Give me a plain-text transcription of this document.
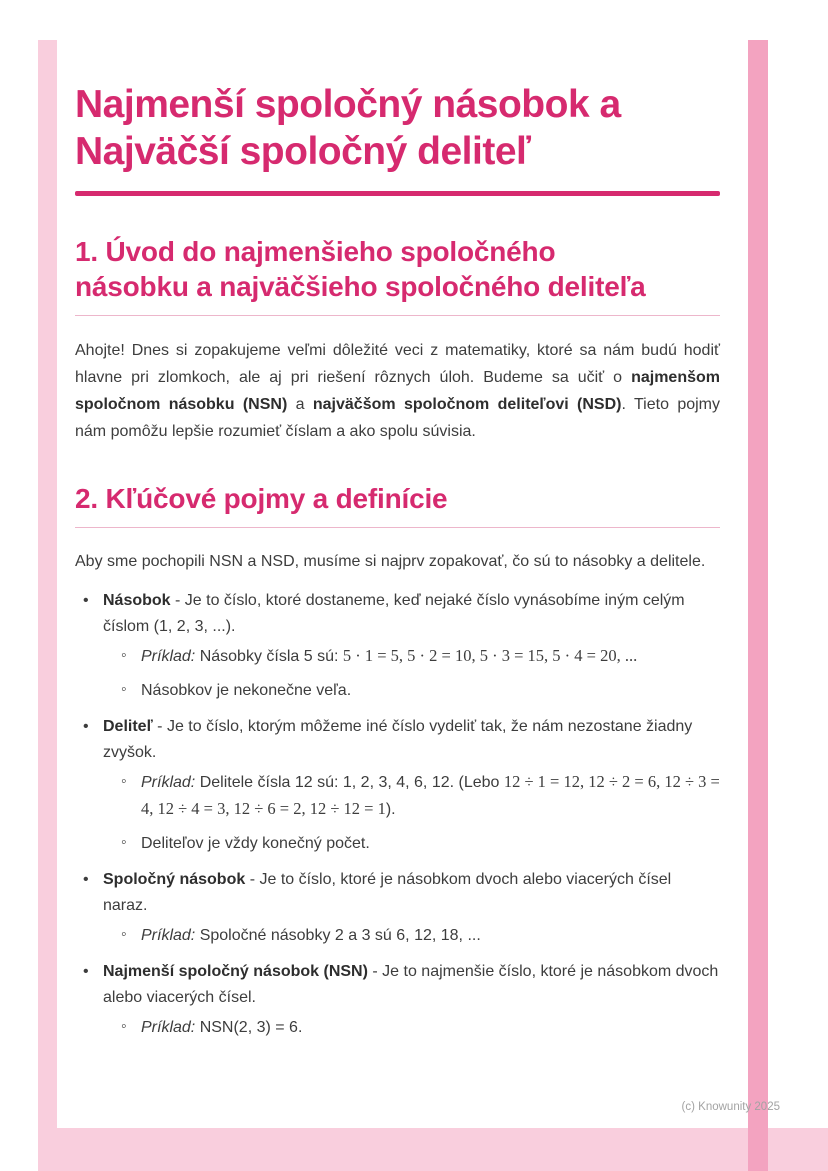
Najmenší spoločný násobok a Najväčší spoločný deliteľ
1. Úvod do najmenšieho spoločného násobku a najväčšieho spoločného deliteľa

Ahojte! Dnes si zopakujeme veľmi dôležité veci z matematiky, ktoré sa nám budú hodiť hlavne pri zlomkoch, ale aj pri riešení rôznych úloh. Budeme sa učiť o najmenšom spoločnom násobku (NSN) a najväčšom spoločnom deliteľovi (NSD). Tieto pojmy nám pomôžu lepšie rozumieť číslam a ako spolu súvisia.

2. Kľúčové pojmy a definície

Aby sme pochopili NSN a NSD, musíme si najprv zopakovať, čo sú to násobky a delitele.

• Násobok - Je to číslo, ktoré dostaneme, keď nejaké číslo vynásobíme iným celým číslom (1, 2, 3, ...).
◦ Príklad: Násobky čísla 5 sú: 5 · 1 = 5, 5 · 2 = 10, 5 · 3 = 15, 5 · 4 = 20, ...
◦ Násobkov je nekonečne veľa.
• Deliteľ - Je to číslo, ktorým môžeme iné číslo vydeliť tak, že nám nezostane žiadny zvyšok.
◦ Príklad: Delitele čísla 12 sú: 1, 2, 3, 4, 6, 12. (Lebo 12 ÷ 1 = 12, 12 ÷ 2 = 6, 12 ÷ 3 = 4, 12 ÷ 4 = 3, 12 ÷ 6 = 2, 12 ÷ 12 = 1).
◦ Deliteľov je vždy konečný počet.
• Spoločný násobok - Je to číslo, ktoré je násobkom dvoch alebo viacerých čísel naraz.
◦ Príklad: Spoločné násobky 2 a 3 sú 6, 12, 18, ...
• Najmenší spoločný násobok (NSN) - Je to najmenšie číslo, ktoré je násobkom dvoch alebo viacerých čísel.
◦ Príklad: NSN(2, 3) = 6.
(c) Knowunity 2025
